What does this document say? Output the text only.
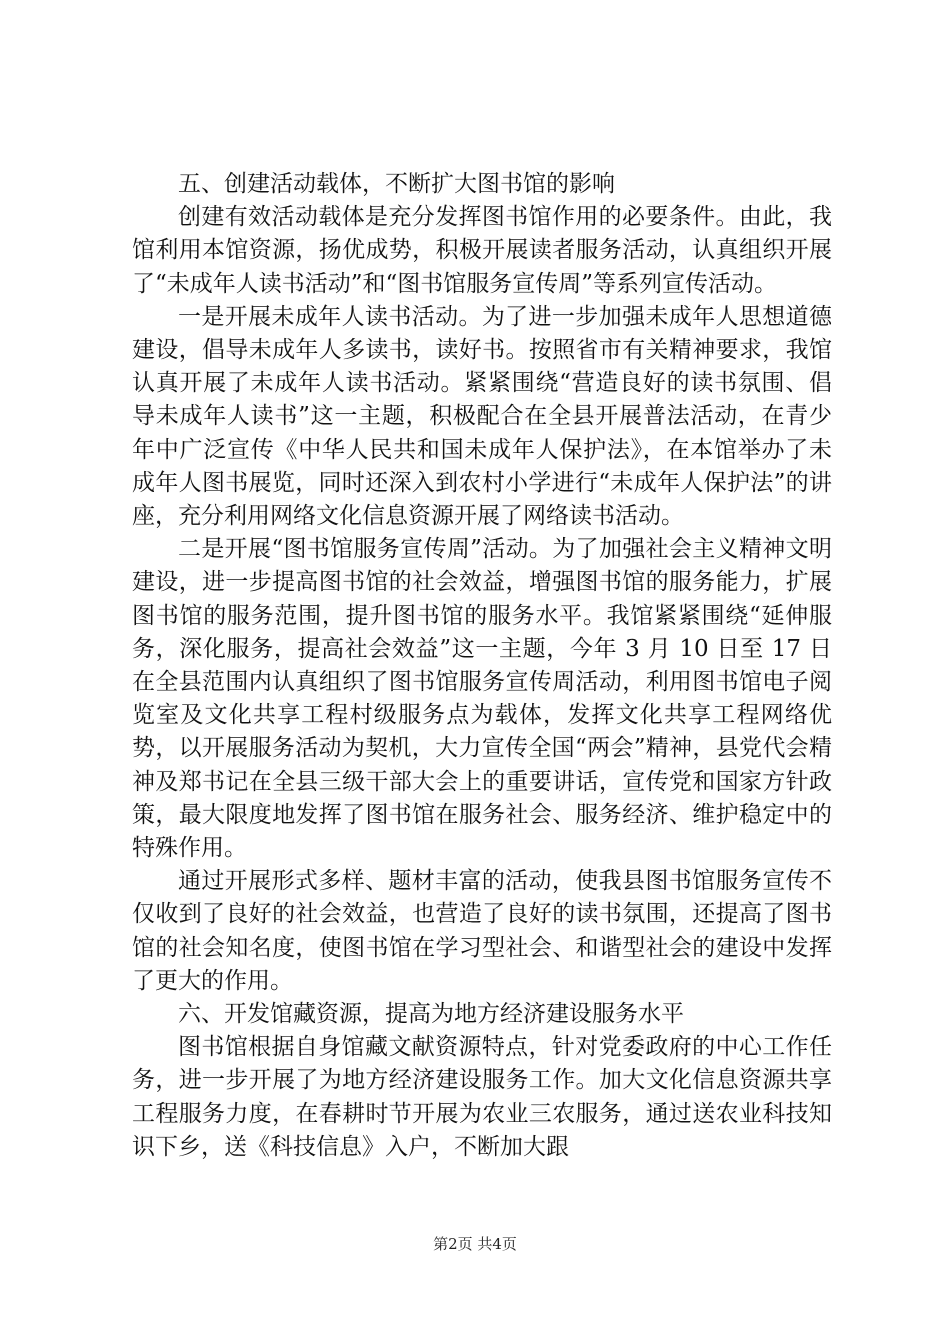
五、创建活动载体，不断扩大图书馆的影响

创建有效活动载体是充分发挥图书馆作用的必要条件。由此，我馆利用本馆资源，扬优成势，积极开展读者服务活动，认真组织开展了“未成年人读书活动”和“图书馆服务宣传周”等系列宣传活动。

一是开展未成年人读书活动。为了进一步加强未成年人思想道德建设，倡导未成年人多读书，读好书。按照省市有关精神要求，我馆认真开展了未成年人读书活动。紧紧围绕“营造良好的读书氛围、倡导未成年人读书”这一主题，积极配合在全县开展普法活动，在青少年中广泛宣传《中华人民共和国未成年人保护法》，在本馆举办了未成年人图书展览，同时还深入到农村小学进行“未成年人保护法”的讲座，充分利用网络文化信息资源开展了网络读书活动。

二是开展“图书馆服务宣传周”活动。为了加强社会主义精神文明建设，进一步提高图书馆的社会效益，增强图书馆的服务能力，扩展图书馆的服务范围，提升图书馆的服务水平。我馆紧紧围绕“延伸服务，深化服务，提高社会效益”这一主题，今年 3 月 10 日至 17 日在全县范围内认真组织了图书馆服务宣传周活动，利用图书馆电子阅览室及文化共享工程村级服务点为载体，发挥文化共享工程网络优势，以开展服务活动为契机，大力宣传全国“两会”精神，县党代会精神及郑书记在全县三级干部大会上的重要讲话，宣传党和国家方针政策，最大限度地发挥了图书馆在服务社会、服务经济、维护稳定中的特殊作用。

通过开展形式多样、题材丰富的活动，使我县图书馆服务宣传不仅收到了良好的社会效益，也营造了良好的读书氛围，还提高了图书馆的社会知名度，使图书馆在学习型社会、和谐型社会的建设中发挥了更大的作用。

六、开发馆藏资源，提高为地方经济建设服务水平

图书馆根据自身馆藏文献资源特点，针对党委政府的中心工作任务，进一步开展了为地方经济建设服务工作。加大文化信息资源共享工程服务力度，在春耕时节开展为农业三农服务，通过送农业科技知识下乡，送《科技信息》入户，不断加大跟

第2页 共4页
